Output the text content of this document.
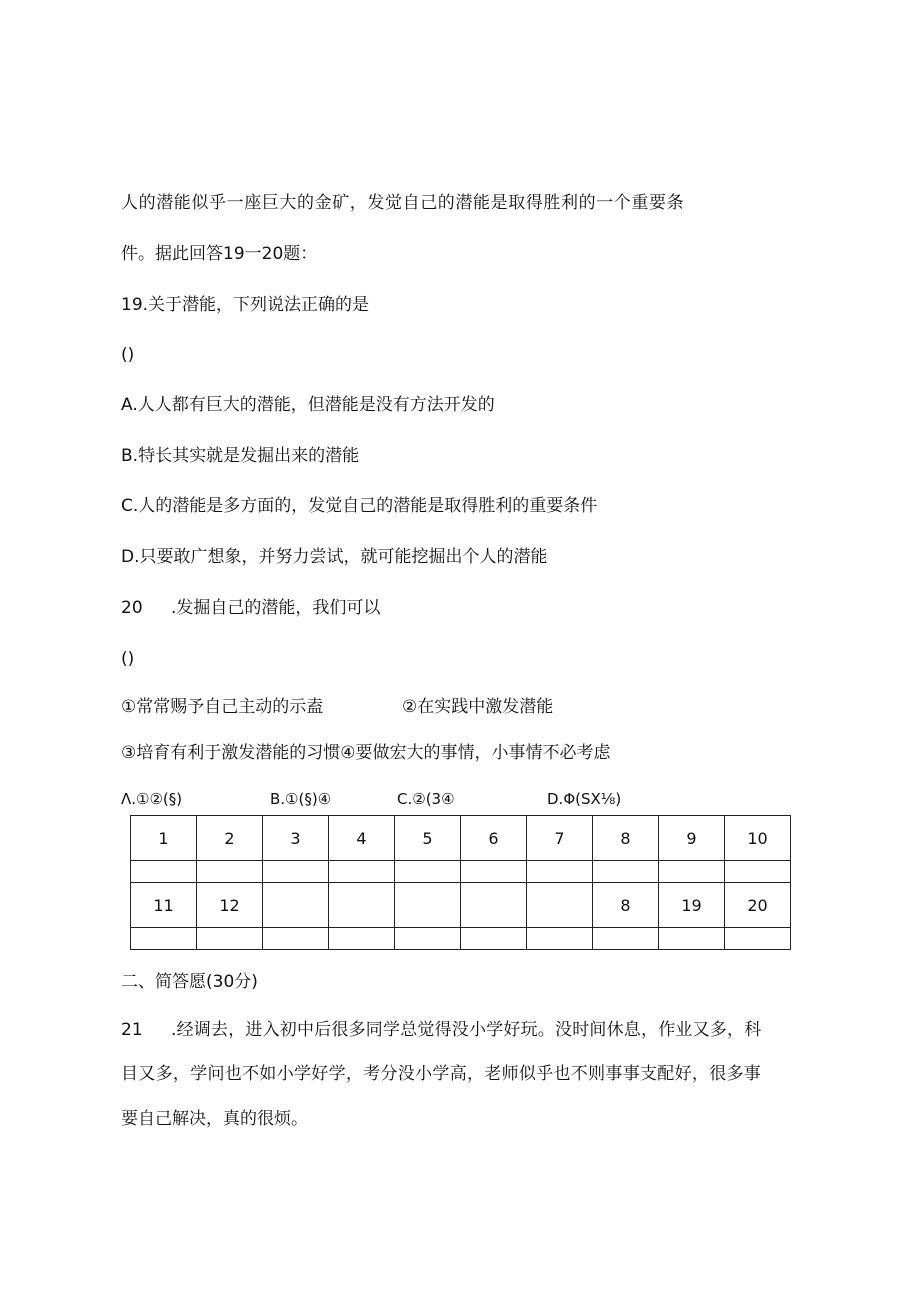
人的潜能似乎一座巨大的金矿，发觉自己的潜能是取得胜利的一个重要条
件。据此回答19一20题：
19.关于潜能，下列说法正确的是
()
A.人人都有巨大的潜能，但潜能是没有方法开发的
B.特长其实就是发掘出来的潜能
C.人的潜能是多方面的，发觉自己的潜能是取得胜利的重要条件
D.只要敢广想象，并努力尝试，就可能挖掘出个人的潜能
20 .发掘自己的潜能，我们可以
()
①常常赐予自己主动的示盍	②在实践中激发潜能
③培育有利于激发潜能的习惯④要做宏大的事情，小事情不必考虑
Λ.①②(§)	B.①(§)④	C.②(3④	D.Φ(SX⅛)
1	2	3	4	5	6	7	8	9	10

11	12						8	19	20

二、简答愿(30分)
21 .经调去，进入初中后很多同学总觉得没小学好玩。没时间休息，作业又多，科
目又多，学问也不如小学好学，考分没小学高，老师似乎也不则事事支配好，很多事
要自己解决，真的很烦。
